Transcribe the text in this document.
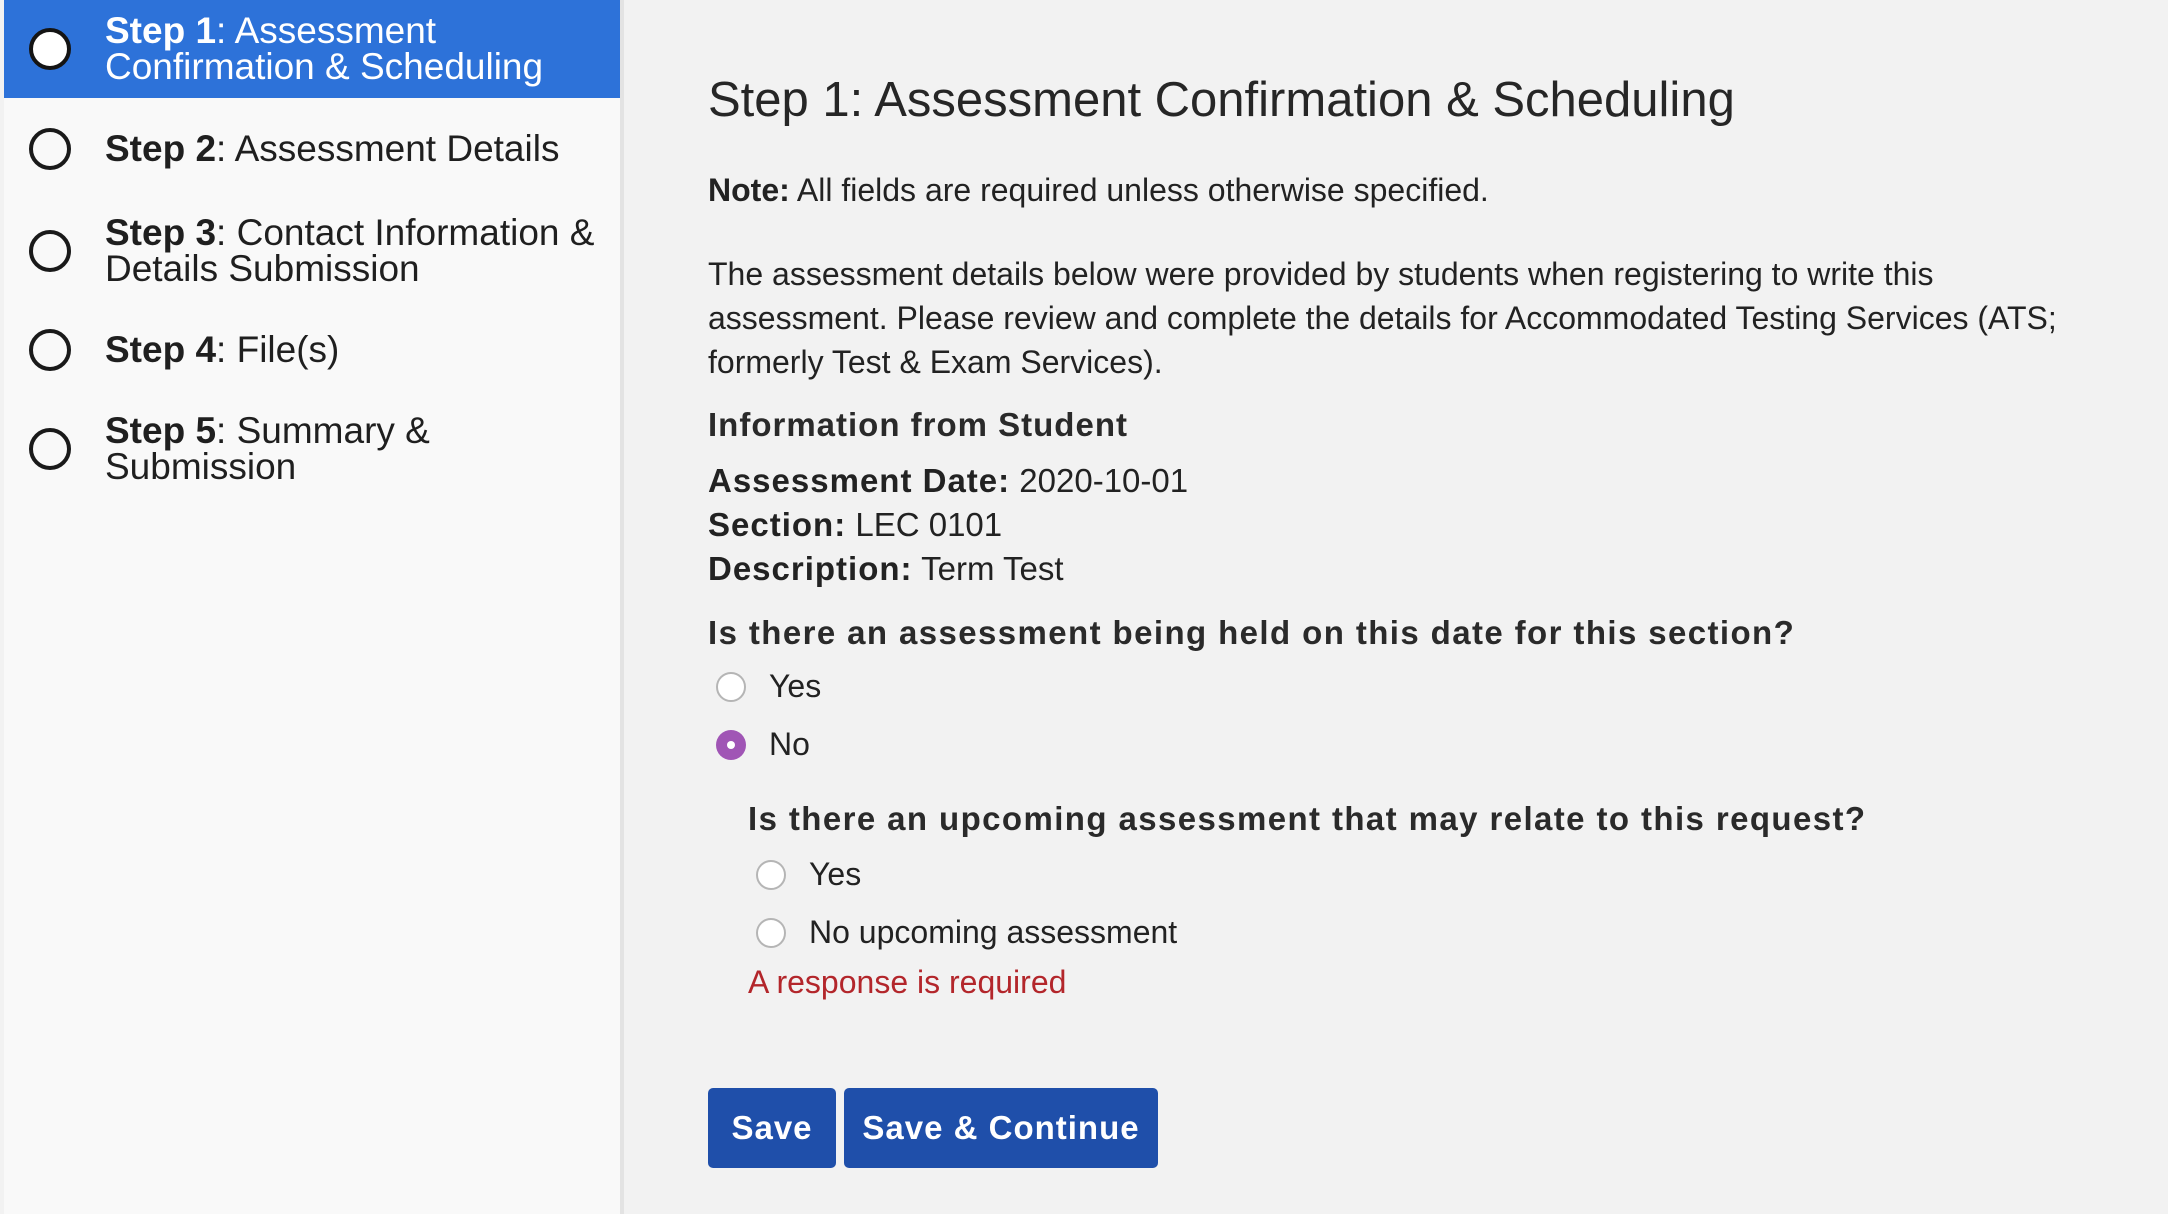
Step 1: Assessment
Confirmation & Scheduling
Step 2: Assessment Details
Step 3: Contact Information &
Details Submission
Step 4: File(s)
Step 5: Summary &
Submission
Step 1: Assessment Confirmation & Scheduling

Note: All fields are required unless otherwise specified.

The assessment details below were provided by students when registering to write this assessment. Please review and complete the details for Accommodated Testing Services (ATS; formerly Test & Exam Services).

Information from Student

Assessment Date: 2020-10-01

Section: LEC 0101

Description: Term Test

Is there an assessment being held on this date for this section?

Yes
No

Is there an upcoming assessment that may relate to this request?

Yes
No upcoming assessment

A response is required

Save	Save & Continue
